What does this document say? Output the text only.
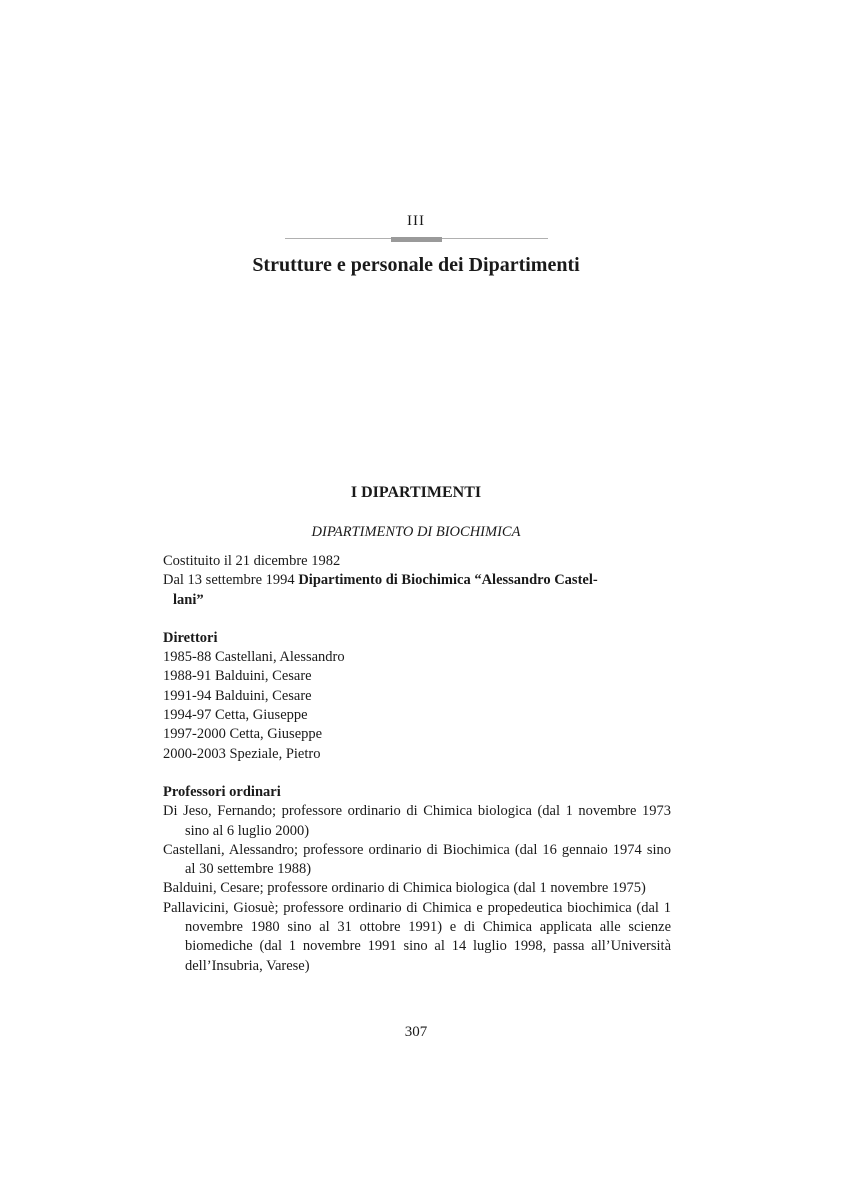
III
Strutture e personale dei Dipartimenti
I DIPARTIMENTI
DIPARTIMENTO DI BIOCHIMICA
Costituito il 21 dicembre 1982
Dal 13 settembre 1994 Dipartimento di Biochimica “Alessandro Castel-
lani”
Direttori
1985-88 Castellani, Alessandro
1988-91 Balduini, Cesare
1991-94 Balduini, Cesare
1994-97 Cetta, Giuseppe
1997-2000 Cetta, Giuseppe
2000-2003 Speziale, Pietro
Professori ordinari
Di Jeso, Fernando; professore ordinario di Chimica biologica (dal 1 novembre 1973 sino al 6 luglio 2000)
Castellani, Alessandro; professore ordinario di Biochimica (dal 16 gennaio 1974 sino al 30 settembre 1988)
Balduini, Cesare; professore ordinario di Chimica biologica (dal 1 novembre 1975)
Pallavicini, Giosuè; professore ordinario di Chimica e propedeutica biochimica (dal 1 novembre 1980 sino al 31 ottobre 1991) e di Chimica applicata alle scienze biomediche (dal 1 novembre 1991 sino al 14 luglio 1998, passa all’Università dell’Insubria, Varese)
307
